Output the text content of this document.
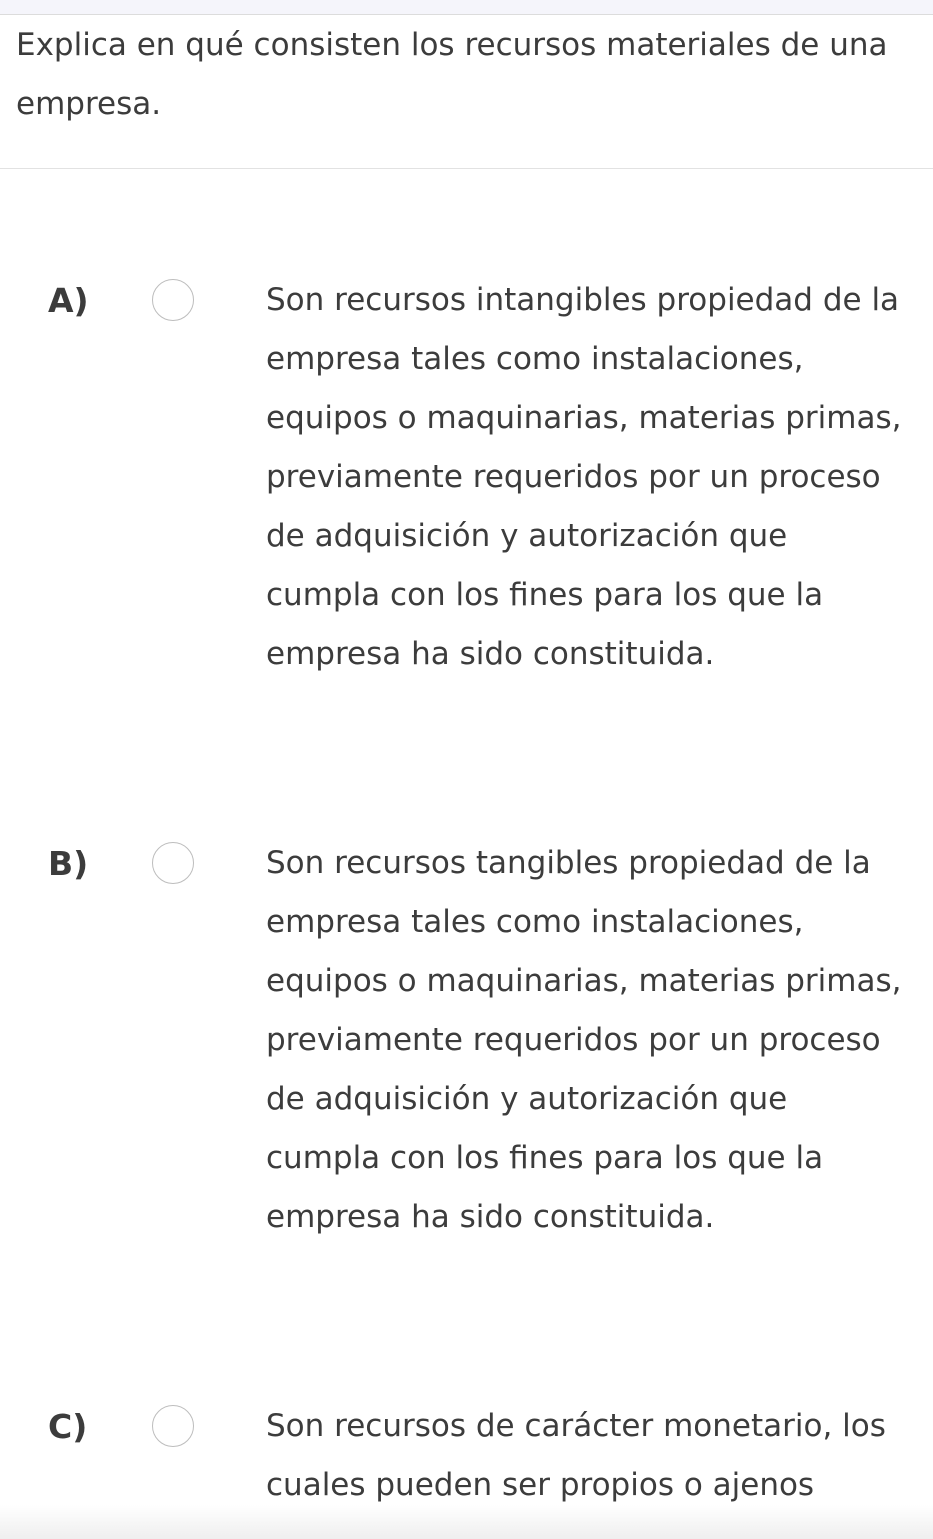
Explica en qué consisten los recursos materiales de una empresa.
A)	Son recursos intangibles propiedad de la empresa tales como instalaciones, equipos o maquinarias, materias primas, previamente requeridos por un proceso de adquisición y autorización que cumpla con los fines para los que la empresa ha sido constituida.
B)	Son recursos tangibles propiedad de la empresa tales como instalaciones, equipos o maquinarias, materias primas, previamente requeridos por un proceso de adquisición y autorización que cumpla con los fines para los que la empresa ha sido constituida.
C)	Son recursos de carácter monetario, los cuales pueden ser propios o ajenos
